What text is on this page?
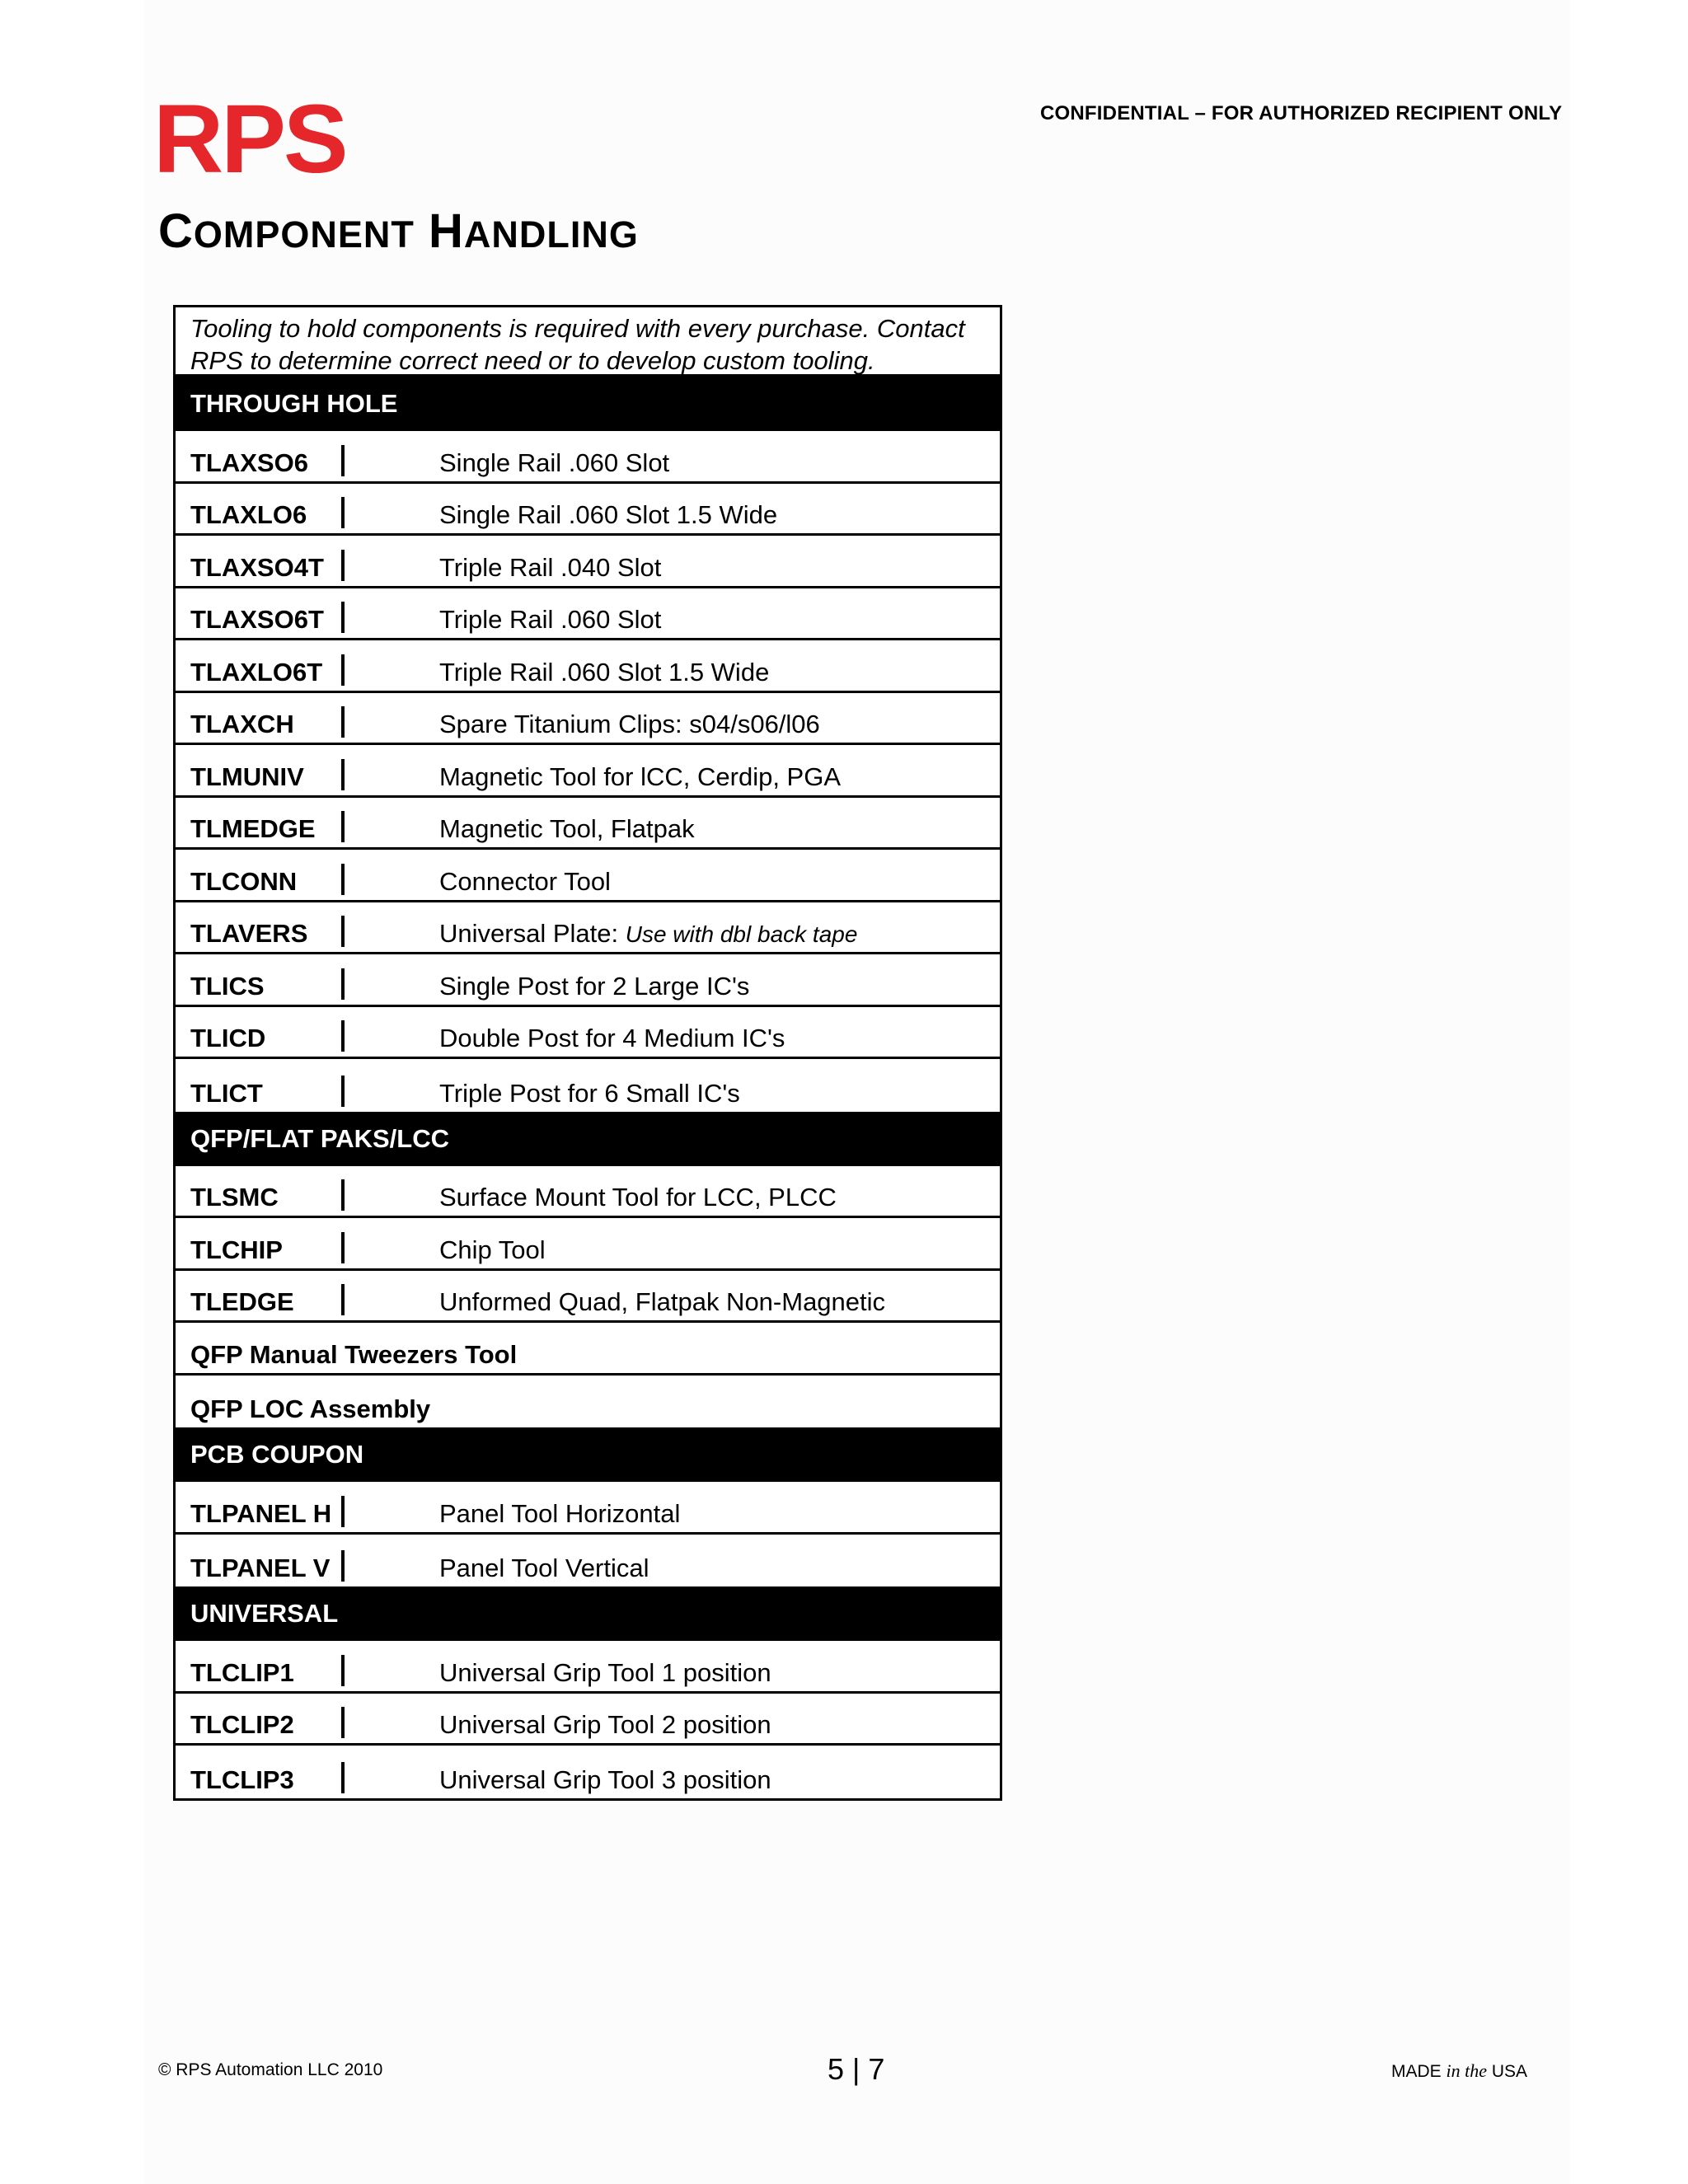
RPS	CONFIDENTIAL – FOR AUTHORIZED RECIPIENT ONLY
COMPONENT HANDLING
Tooling to hold components is required with every purchase. Contact RPS to determine correct need or to develop custom tooling.
THROUGH HOLE
TLAXSO6	Single Rail .060 Slot
TLAXLO6	Single Rail .060 Slot 1.5 Wide
TLAXSO4T	Triple Rail .040 Slot
TLAXSO6T	Triple Rail .060 Slot
TLAXLO6T	Triple Rail .060 Slot 1.5 Wide
TLAXCH	Spare Titanium Clips: s04/s06/l06
TLMUNIV	Magnetic Tool for lCC, Cerdip, PGA
TLMEDGE	Magnetic Tool, Flatpak
TLCONN	Connector Tool
TLAVERS	Universal Plate: Use with dbl back tape
TLICS	Single Post for 2 Large IC's
TLICD	Double Post for 4 Medium IC's
TLICT	Triple Post for 6 Small IC's
QFP/FLAT PAKS/LCC
TLSMC	Surface Mount Tool for LCC, PLCC
TLCHIP	Chip Tool
TLEDGE	Unformed Quad, Flatpak Non-Magnetic
QFP Manual Tweezers Tool
QFP LOC Assembly
PCB COUPON
TLPANEL H	Panel Tool Horizontal
TLPANEL V	Panel Tool Vertical
UNIVERSAL
TLCLIP1	Universal Grip Tool 1 position
TLCLIP2	Universal Grip Tool 2 position
TLCLIP3	Universal Grip Tool 3 position
© RPS Automation LLC 2010	5 | 7	MADE in the USA
